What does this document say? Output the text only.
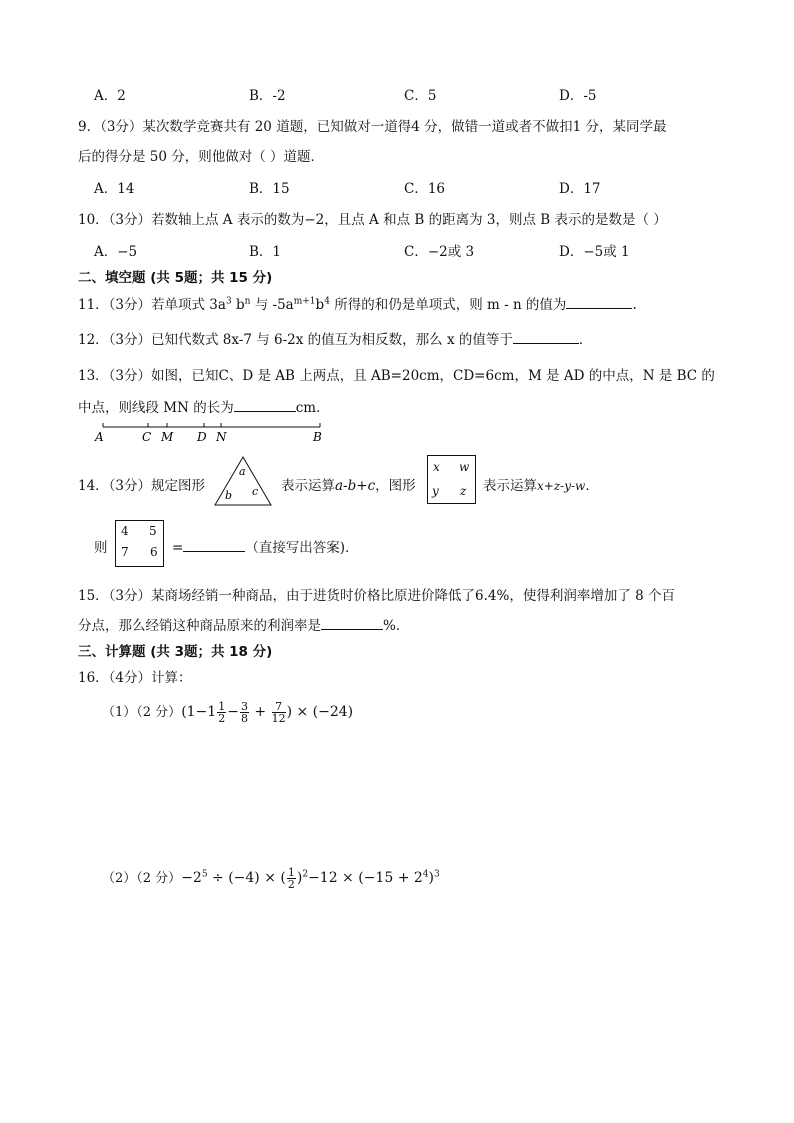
A．2	B．-2	C．5	D．-5
9．（3分）某次数学竞赛共有 20 道题，已知做对一道得4 分，做错一道或者不做扣1 分，某同学最
后的得分是 50 分，则他做对（ ）道题．
A．14	B．15	C．16	D．17
10．（3分）若数轴上点 A 表示的数为−2，且点 A 和点 B 的距离为 3，则点 B 表示的是数是（ ）
A．−5	B．1	C．−2或 3	D．−5或 1
二、填空题 (共 5题；共 15 分)
11．（3分）若单项式 $3a^3$ $b^n$ 与 $-5a^{m+1}b^4$ 所得的和仍是单项式，则 m - n 的值为	.
12．（3分）已知代数式 8x-7 与 6-2x 的值互为相反数，那么 x 的值等于	．
13．（3分）如图，已知C、D 是 AB 上两点，且 AB=20cm，CD=6cm，M 是 AD 的中点，N 是 BC 的
中点，则线段 MN 的长为	cm．
A	C M D N	B
14．（3分）规定图形
a
b c 表示运算a-b+c，图形
x w
y z 表示运算x+z-y-w．
则
4 5
7 6 =	（直接写出答案)．
15．（3分）某商场经销一种商品，由于进货时价格比原进价降低了6.4%，使得利润率增加了 8 个百
分点，那么经销这种商品原来的利润率是	%．
三、计算题 (共 3题；共 18 分)
16．（4分）计算：
（1）（2 分）($1-1 \frac{1}{2} - \frac{3}{8} + \frac{7}{12}$ ) × (−24)
（2）（2 分）$-2^5 \div (-4)$ × ( $\frac{1}{2} )^2-12 \times (-15 + 2^4)^3$
